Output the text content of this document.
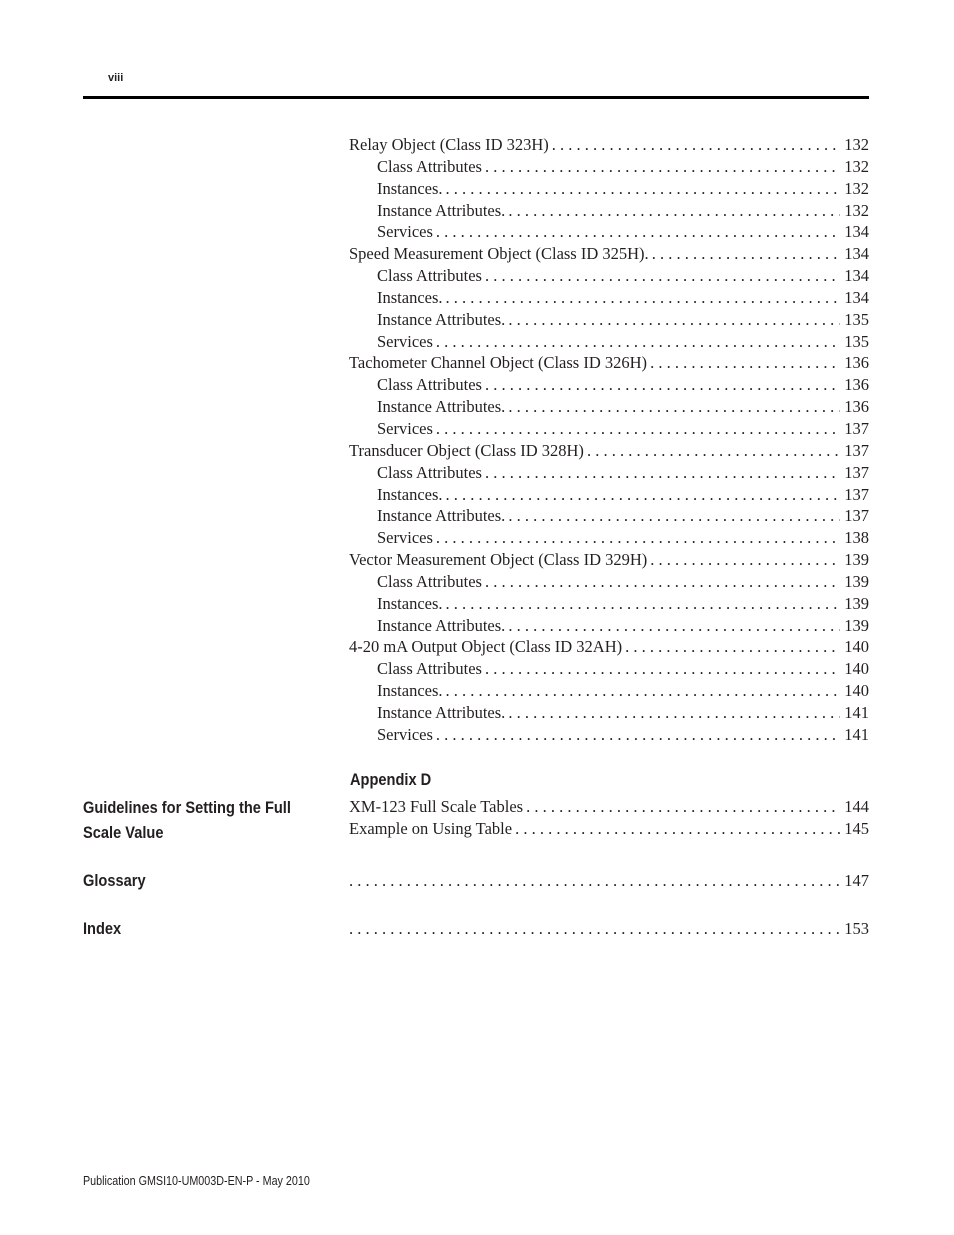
viii
Relay Object (Class ID 323H) . . .	132
Class Attributes . . .	132
Instances. . . .	132
Instance Attributes. . . .	132
Services . . .	134
Speed Measurement Object (Class ID 325H). . . .	134
Class Attributes . . .	134
Instances. . . .	134
Instance Attributes. . . .	135
Services . . .	135
Tachometer Channel Object (Class ID 326H) . . .	136
Class Attributes . . .	136
Instance Attributes. . . .	136
Services . . .	137
Transducer Object (Class ID 328H) . . .	137
Class Attributes . . .	137
Instances. . . .	137
Instance Attributes. . . .	137
Services . . .	138
Vector Measurement Object (Class ID 329H) . . .	139
Class Attributes . . .	139
Instances. . . .	139
Instance Attributes. . . .	139
4-20 mA Output Object (Class ID 32AH) . . .	140
Class Attributes . . .	140
Instances. . . .	140
Instance Attributes. . . .	141
Services . . .	141
Appendix D
Guidelines for Setting the Full
Scale Value
XM-123 Full Scale Tables . . .	144
Example on Using Table . . .	145
Glossary . . .	147
Index . . .	153
Publication GMSI10-UM003D-EN-P - May 2010
